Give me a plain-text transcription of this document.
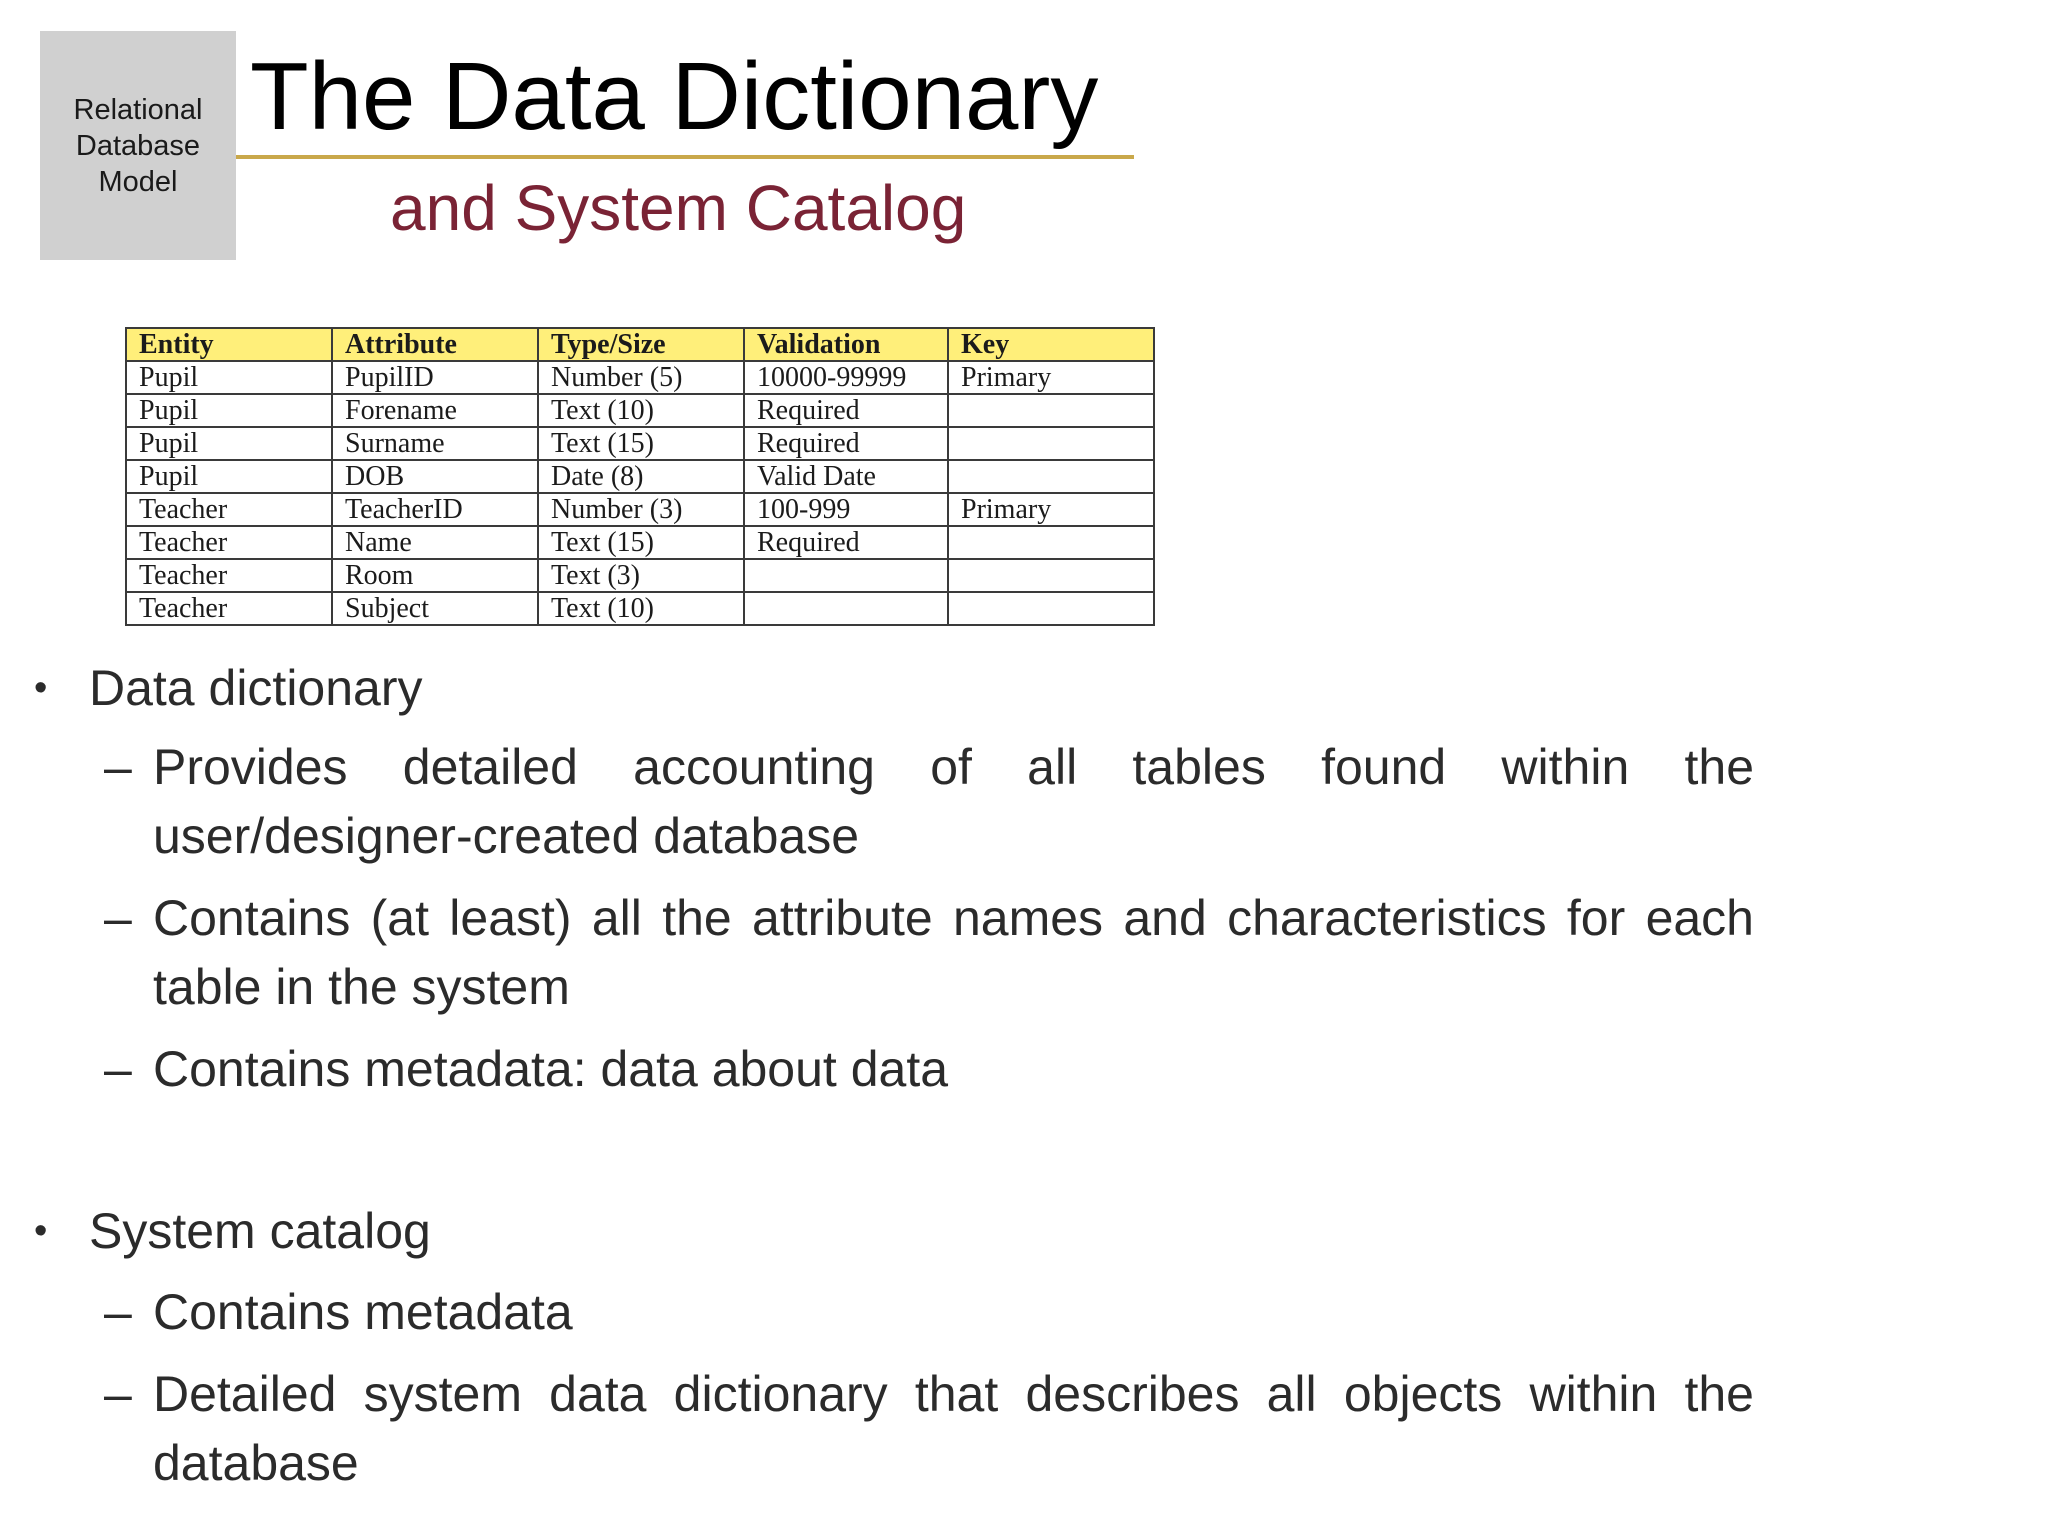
Relational
Database
Model
The Data Dictionary
and System Catalog
Entity	Attribute	Type/Size	Validation	Key
Pupil	PupilID	Number (5)	10000-99999	Primary
Pupil	Forename	Text (10)	Required	
Pupil	Surname	Text (15)	Required	
Pupil	DOB	Date (8)	Valid Date	
Teacher	TeacherID	Number (3)	100-999	Primary
Teacher	Name	Text (15)	Required	
Teacher	Room	Text (3)		
Teacher	Subject	Text (10)		
• Data dictionary
– Provides detailed accounting of all tables found within the user/designer-created database
– Contains (at least) all the attribute names and characteristics for each table in the system
– Contains metadata: data about data
• System catalog
– Contains metadata
– Detailed system data dictionary that describes all objects within the database
